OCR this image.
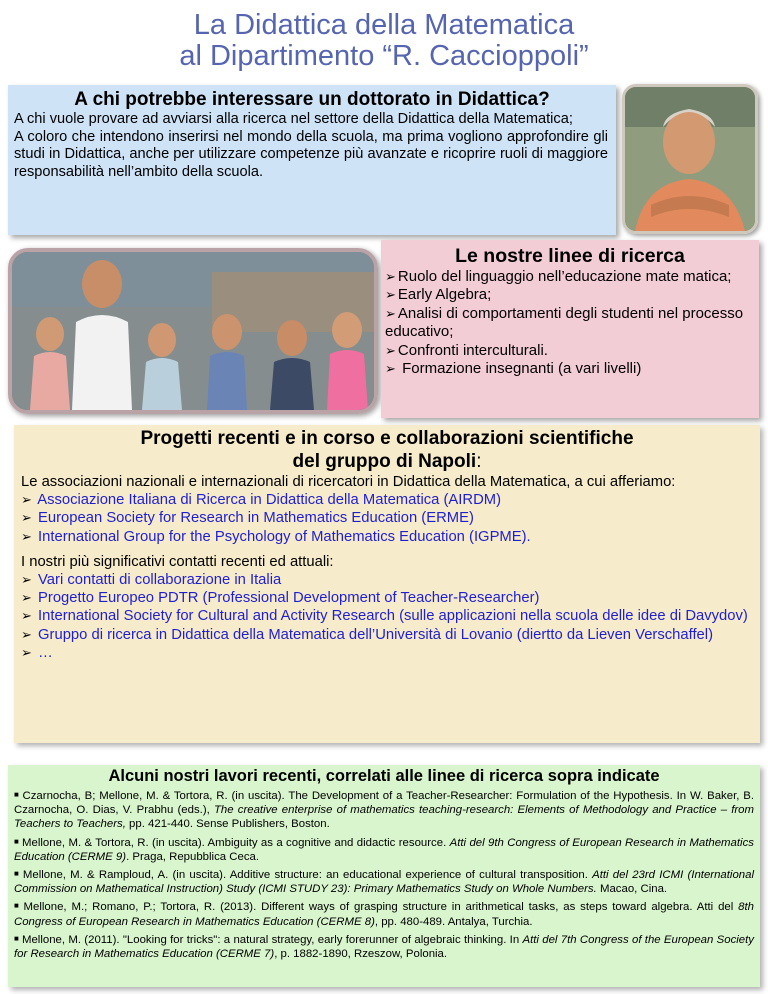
La Didattica della Matematica
al Dipartimento “R. Caccioppoli”
A chi potrebbe interessare un dottorato in Didattica?

A chi vuole provare ad avviarsi alla ricerca nel settore della Didattica della Matematica;

A coloro che intendono inserirsi nel mondo della scuola, ma prima vogliono approfondire gli studi in Didattica, anche per utilizzare competenze più avanzate e ricoprire ruoli di maggiore responsabilità nell’ambito della scuola.

Le nostre linee di ricerca
➢ Ruolo del linguaggio nell’educazione mate matica;
➢ Early Algebra;
➢ Analisi di comportamenti degli studenti nel processo educativo;
➢ Confronti interculturali.
➢ Formazione insegnanti (a vari livelli)
Progetti recenti e in corso e collaborazioni scientifiche
del gruppo di Napoli:
Le associazioni nazionali e internazionali di ricercatori in Didattica della Matematica, a cui afferiamo:
➢ Associazione Italiana di Ricerca in Didattica della Matematica (AIRDM)
➢ European Society for Research in Mathematics Education (ERME)
➢ International Group for the Psychology of Mathematics Education (IGPME).
I nostri più significativi contatti recenti ed attuali:
➢ Vari contatti di collaborazione in Italia
➢ Progetto Europeo PDTR (Professional Development of Teacher-Researcher)
➢ International Society for Cultural and Activity Research (sulle applicazioni nella scuola delle idee di Davydov)
➢ Gruppo di ricerca in Didattica della Matematica dell’Università di Lovanio (diertto da Lieven Verschaffel)
➢ …
Alcuni nostri lavori recenti, correlati alle linee di ricerca sopra indicate
■ Czarnocha, B; Mellone, M. & Tortora, R. (in uscita). The Development of a Teacher-Researcher: Formulation of the Hypothesis. In W. Baker, B. Czarnocha, O. Dias, V. Prabhu (eds.), The creative enterprise of mathematics teaching-research: Elements of Methodology and Practice – from Teachers to Teachers, pp. 421-440. Sense Publishers, Boston.
■ Mellone, M. & Tortora, R. (in uscita). Ambiguity as a cognitive and didactic resource. Atti del 9th Congress of European Research in Mathematics Education (CERME 9). Praga, Repubblica Ceca.
■ Mellone, M. & Ramploud, A. (in uscita). Additive structure: an educational experience of cultural transposition. Atti del 23rd ICMI (International Commission on Mathematical Instruction) Study (ICMI STUDY 23): Primary Mathematics Study on Whole Numbers. Macao, Cina.
■ Mellone, M.; Romano, P.; Tortora, R. (2013). Different ways of grasping structure in arithmetical tasks, as steps toward algebra. Atti del 8th Congress of European Research in Mathematics Education (CERME 8), pp. 480-489. Antalya, Turchia.
■ Mellone, M. (2011). "Looking for tricks": a natural strategy, early forerunner of algebraic thinking. In Atti del 7th Congress of the European Society for Research in Mathematics Education (CERME 7), p. 1882-1890, Rzeszow, Polonia.
